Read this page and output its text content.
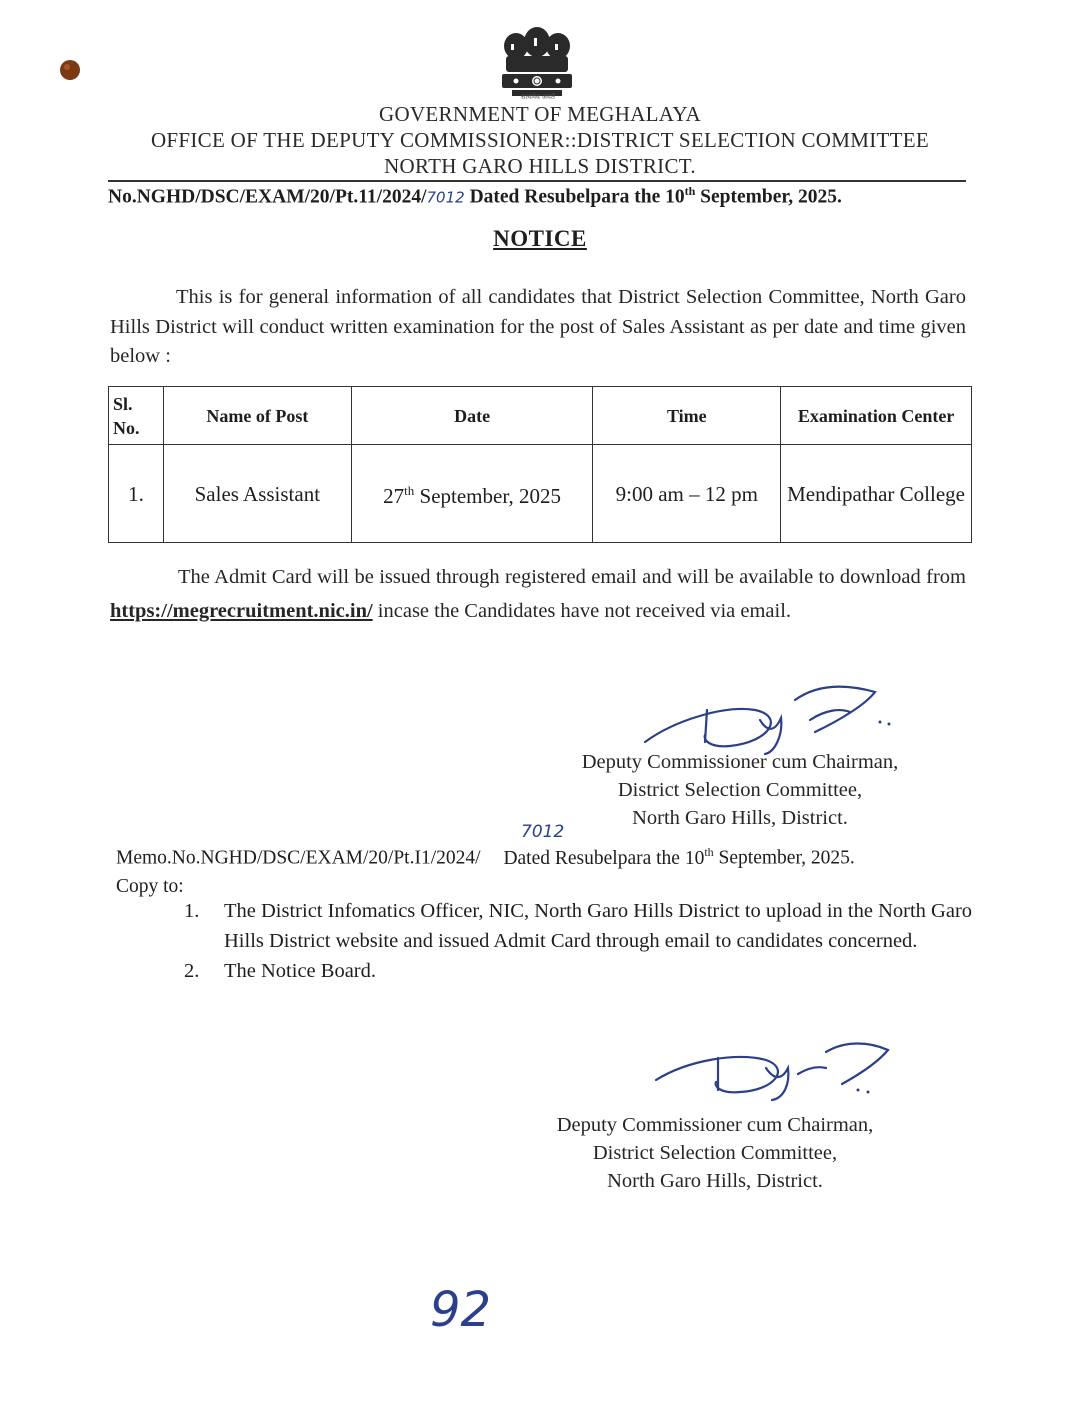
सत्यमेव जयते
GOVERNMENT OF MEGHALAYA
OFFICE OF THE DEPUTY COMMISSIONER::DISTRICT SELECTION COMMITTEE
NORTH GARO HILLS DISTRICT.
No.NGHD/DSC/EXAM/20/Pt.11/2024/7012 Dated Resubelpara the 10th September, 2025.
NOTICE
This is for general information of all candidates that District Selection Committee, North Garo Hills District will conduct written examination for the post of Sales Assistant as per date and time given below :
Sl. No.	Name of Post	Date	Time	Examination Center
1.	Sales Assistant	27th September, 2025	9:00 am – 12 pm	Mendipathar College
The Admit Card will be issued through registered email and will be available to download from https://megrecruitment.nic.in/ incase the Candidates have not received via email.
Deputy Commissioner cum Chairman,
District Selection Committee,
North Garo Hills, District.
Memo.No.NGHD/DSC/EXAM/20/Pt.I1/2024/
7012
Dated Resubelpara the 10th September, 2025.
Copy to:
1.	The District Infomatics Officer, NIC, North Garo Hills District to upload in the North Garo Hills District website and issued Admit Card through email to candidates concerned.
2.	The Notice Board.
Deputy Commissioner cum Chairman,
District Selection Committee,
North Garo Hills, District.
92
